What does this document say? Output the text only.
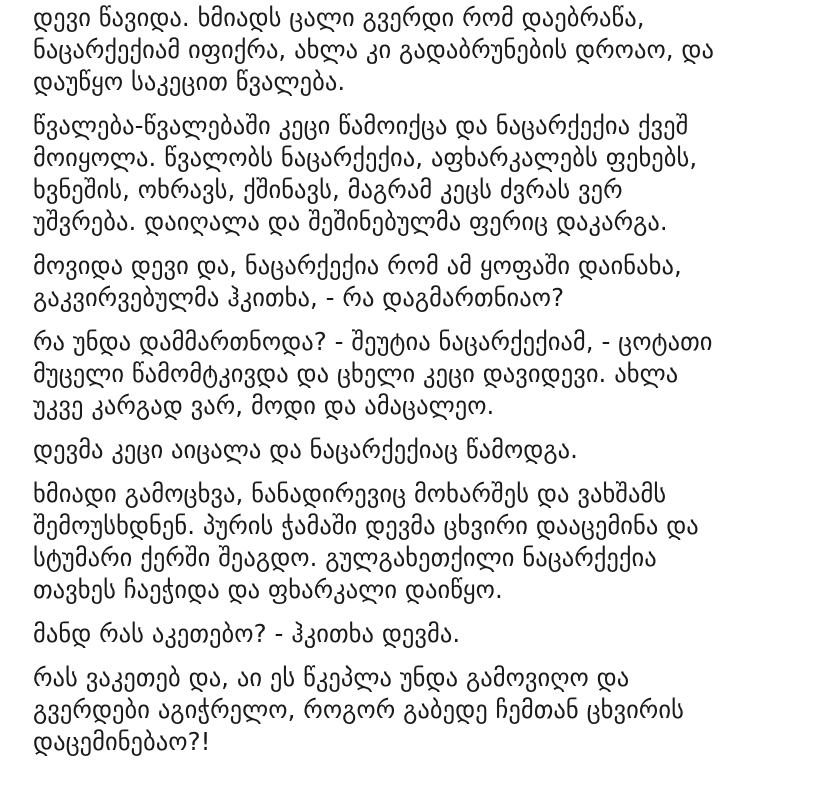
დევი წავიდა. ხმიადს ცალი გვერდი რომ დაებრაწა,
ნაცარქექიამ იფიქრა, ახლა კი გადაბრუნების დროაო, და
დაუწყო საკეცით წვალება.

წვალება-წვალებაში კეცი წამოიქცა და ნაცარქექია ქვეშ
მოიყოლა. წვალობს ნაცარქექია, აფხარკალებს ფეხებს,
ხვნეშის, ოხრავს, ქშინავს, მაგრამ კეცს ძვრას ვერ
უშვრება. დაიღალა და შეშინებულმა ფერიც დაკარგა.

მოვიდა დევი და, ნაცარქექია რომ ამ ყოფაში დაინახა,
გაკვირვებულმა ჰკითხა, - რა დაგმართნიაო?

რა უნდა დამმართნოდა? - შეუტია ნაცარქექიამ, - ცოტათი
მუცელი წამომტკივდა და ცხელი კეცი დავიდევი. ახლა
უკვე კარგად ვარ, მოდი და ამაცალეო.

დევმა კეცი აიცალა და ნაცარქექიაც წამოდგა.

ხმიადი გამოცხვა, ნანადირევიც მოხარშეს და ვახშამს
შემოუსხდნენ. პურის ჭამაში დევმა ცხვირი დააცემინა და
სტუმარი ქერში შეაგდო. გულგახეთქილი ნაცარქექია
თავხეს ჩაეჭიდა და ფხარკალი დაიწყო.

მანდ რას აკეთებო? - ჰკითხა დევმა.

რას ვაკეთებ და, აი ეს წკეპლა უნდა გამოვიღო და
გვერდები აგიჭრელო, როგორ გაბედე ჩემთან ცხვირის
დაცემინებაო?!
